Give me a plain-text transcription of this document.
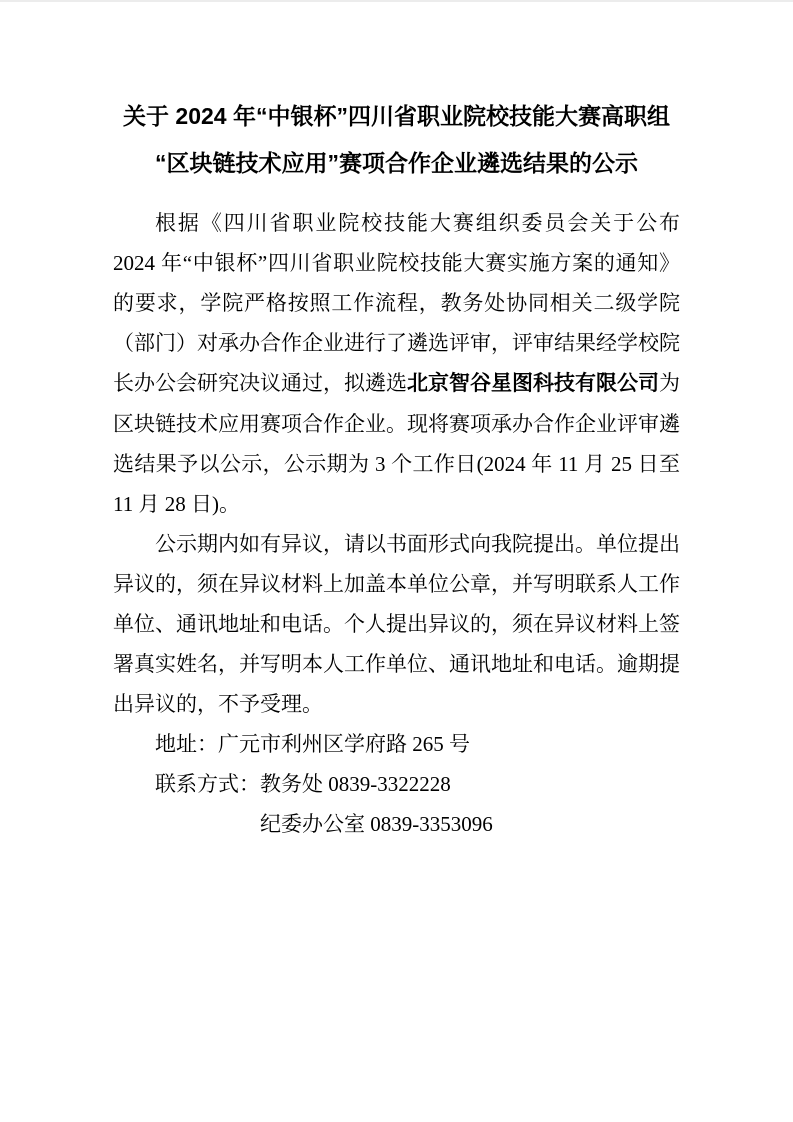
关于 2024 年“中银杯”四川省职业院校技能大赛高职组
“区块链技术应用”赛项合作企业遴选结果的公示

根据《四川省职业院校技能大赛组织委员会关于公布 2024 年“中银杯”四川省职业院校技能大赛实施方案的通知》的要求，学院严格按照工作流程，教务处协同相关二级学院（部门）对承办合作企业进行了遴选评审，评审结果经学校院长办公会研究决议通过，拟遴选北京智谷星图科技有限公司为区块链技术应用赛项合作企业。现将赛项承办合作企业评审遴选结果予以公示，公示期为 3 个工作日(2024 年 11 月 25 日至 11 月 28 日)。

公示期内如有异议，请以书面形式向我院提出。单位提出异议的，须在异议材料上加盖本单位公章，并写明联系人工作单位、通讯地址和电话。个人提出异议的，须在异议材料上签署真实姓名，并写明本人工作单位、通讯地址和电话。逾期提出异议的，不予受理。

地址：广元市利州区学府路 265 号

联系方式：教务处 0839-3322228

纪委办公室 0839-3353096
